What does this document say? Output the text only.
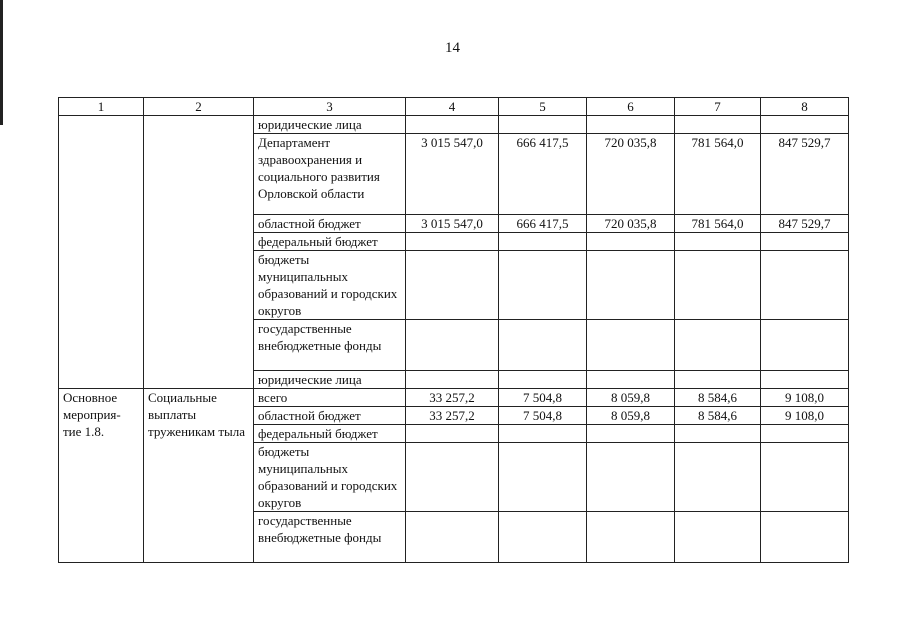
14
1	2	3	4	5	6	7	8
		юридические лица					
		Департамент здравоохранения и социального развития Орловской области	3 015 547,0	666 417,5	720 035,8	781 564,0	847 529,7
		областной бюджет	3 015 547,0	666 417,5	720 035,8	781 564,0	847 529,7
		федеральный бюджет					
		бюджеты муниципальных образований и городских округов					
		государственные внебюджетные фонды					
		юридические лица					
Основное мероприя-тие 1.8.	Социальные выплаты труженикам тыла	всего	33 257,2	7 504,8	8 059,8	8 584,6	9 108,0
		областной бюджет	33 257,2	7 504,8	8 059,8	8 584,6	9 108,0
		федеральный бюджет					
		бюджеты муниципальных образований и городских округов					
		государственные внебюджетные фонды					
